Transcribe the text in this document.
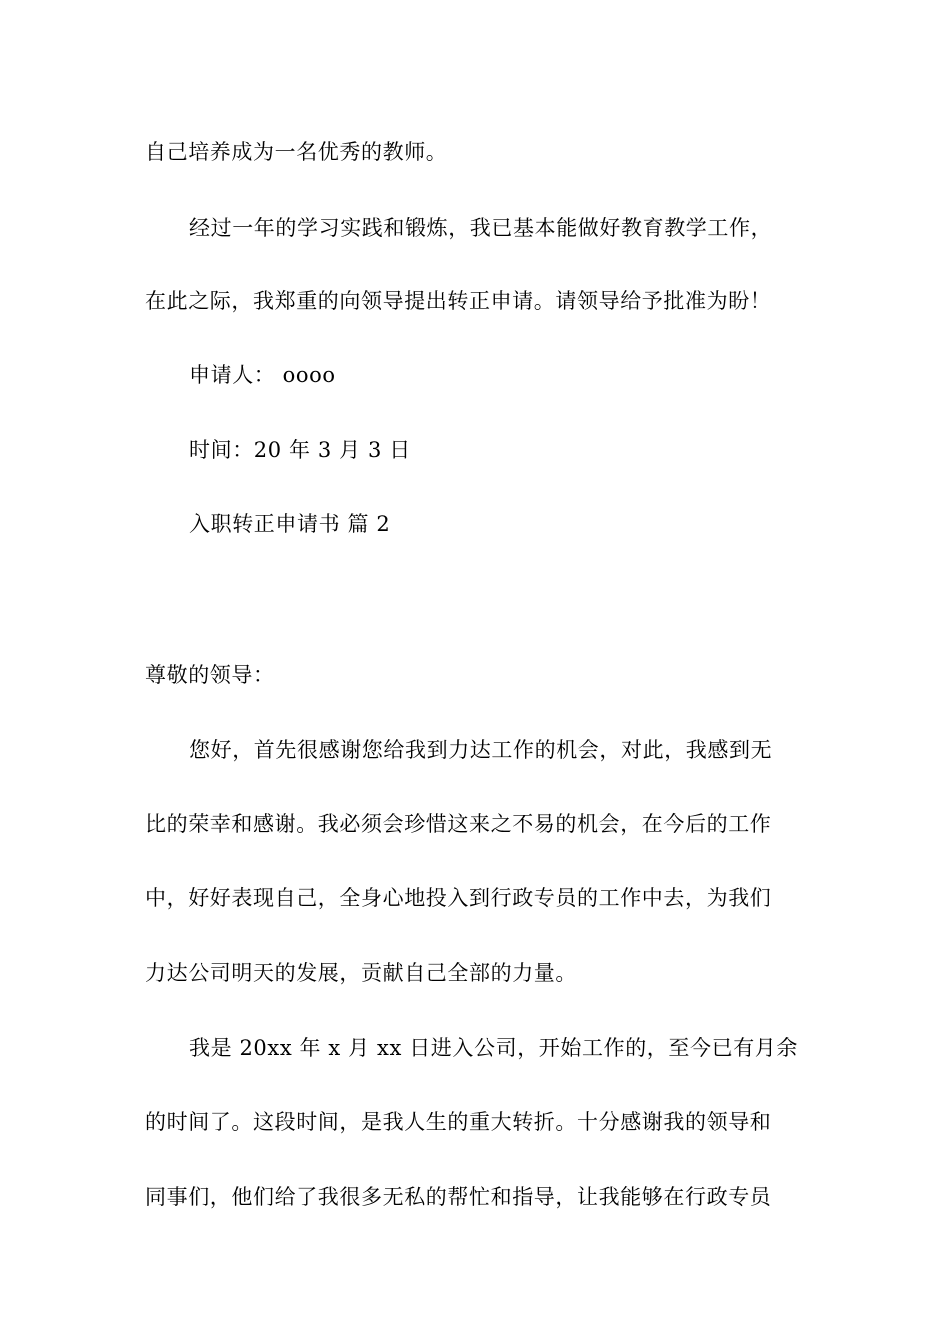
自己培养成为一名优秀的教师。
经过一年的学习实践和锻炼，我已基本能做好教育教学工作，
在此之际，我郑重的向领导提出转正申请。请领导给予批准为盼！
申请人： oooo
时间：20 年 3 月 3 日
入职转正申请书 篇 2
尊敬的领导：
您好，首先很感谢您给我到力达工作的机会，对此，我感到无
比的荣幸和感谢。我必须会珍惜这来之不易的机会，在今后的工作
中，好好表现自己，全身心地投入到行政专员的工作中去，为我们
力达公司明天的发展，贡献自己全部的力量。
我是 20xx 年 x 月 xx 日进入公司，开始工作的，至今已有月余
的时间了。这段时间，是我人生的重大转折。十分感谢我的领导和
同事们，他们给了我很多无私的帮忙和指导，让我能够在行政专员
